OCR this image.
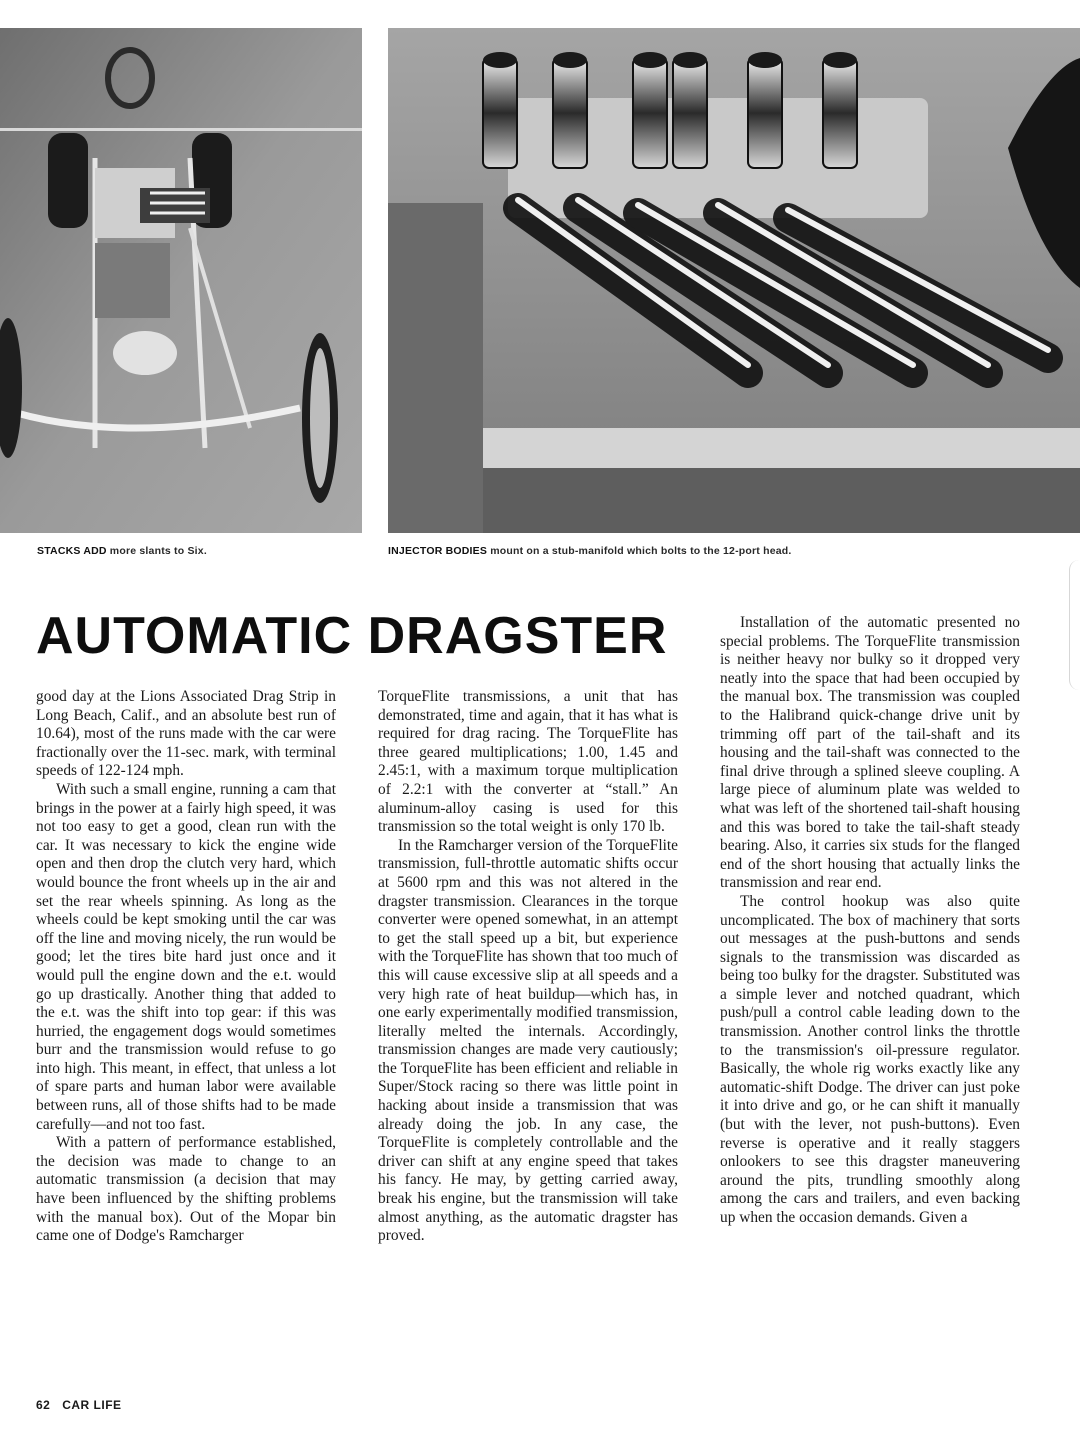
STACKS ADD more slants to Six.	INJECTOR BODIES mount on a stub-manifold which bolts to the 12-port head.
AUTOMATIC DRAGSTER

good day at the Lions Associated Drag Strip in Long Beach, Calif., and an absolute best run of 10.64), most of the runs made with the car were fractionally over the 11-sec. mark, with terminal speeds of 122-124 mph.

With such a small engine, running a cam that brings in the power at a fairly high speed, it was not too easy to get a good, clean run with the car. It was necessary to kick the engine wide open and then drop the clutch very hard, which would bounce the front wheels up in the air and set the rear wheels spinning. As long as the wheels could be kept smoking until the car was off the line and moving nicely, the run would be good; let the tires bite hard just once and it would pull the engine down and the e.t. would go up drastically. Another thing that added to the e.t. was the shift into top gear: if this was hurried, the engagement dogs would sometimes burr and the transmission would refuse to go into high. This meant, in effect, that unless a lot of spare parts and human labor were available between runs, all of those shifts had to be made carefully—and not too fast.

With a pattern of performance established, the decision was made to change to an automatic transmission (a decision that may have been influenced by the shifting problems with the manual box). Out of the Mopar bin came one of Dodge's Ramcharger

TorqueFlite transmissions, a unit that has demonstrated, time and again, that it has what is required for drag racing. The TorqueFlite has three geared multiplications; 1.00, 1.45 and 2.45:1, with a maximum torque multiplication of 2.2:1 with the converter at “stall.” An aluminum-alloy casing is used for this transmission so the total weight is only 170 lb.

In the Ramcharger version of the TorqueFlite transmission, full-throttle automatic shifts occur at 5600 rpm and this was not altered in the dragster transmission. Clearances in the torque converter were opened somewhat, in an attempt to get the stall speed up a bit, but experience with the TorqueFlite has shown that too much of this will cause excessive slip at all speeds and a very high rate of heat buildup—which has, in one early experimentally modified transmission, literally melted the internals. Accordingly, transmission changes are made very cautiously; the TorqueFlite has been efficient and reliable in Super/Stock racing so there was little point in hacking about inside a transmission that was already doing the job. In any case, the TorqueFlite is completely controllable and the driver can shift at any engine speed that takes his fancy. He may, by getting carried away, break his engine, but the transmission will take almost anything, as the automatic dragster has proved.

Installation of the automatic presented no special problems. The TorqueFlite transmission is neither heavy nor bulky so it dropped very neatly into the space that had been occupied by the manual box. The transmission was coupled to the Halibrand quick-change drive unit by trimming off part of the tail-shaft and its housing and the tail-shaft was connected to the final drive through a splined sleeve coupling. A large piece of aluminum plate was welded to what was left of the shortened tail-shaft housing and this was bored to take the tail-shaft steady bearing. Also, it carries six studs for the flanged end of the short housing that actually links the transmission and rear end.

The control hookup was also quite uncomplicated. The box of machinery that sorts out messages at the push-buttons and sends signals to the transmission was discarded as being too bulky for the dragster. Substituted was a simple lever and notched quadrant, which push/pull a control cable leading down to the transmission. Another control links the throttle to the transmission's oil-pressure regulator. Basically, the whole rig works exactly like any automatic-shift Dodge. The driver can just poke it into drive and go, or he can shift it manually (but with the lever, not push-buttons). Even reverse is operative and it really staggers onlookers to see this dragster maneuvering around the pits, trundling smoothly along among the cars and trailers, and even backing up when the occasion demands. Given a

62 CAR LIFE
